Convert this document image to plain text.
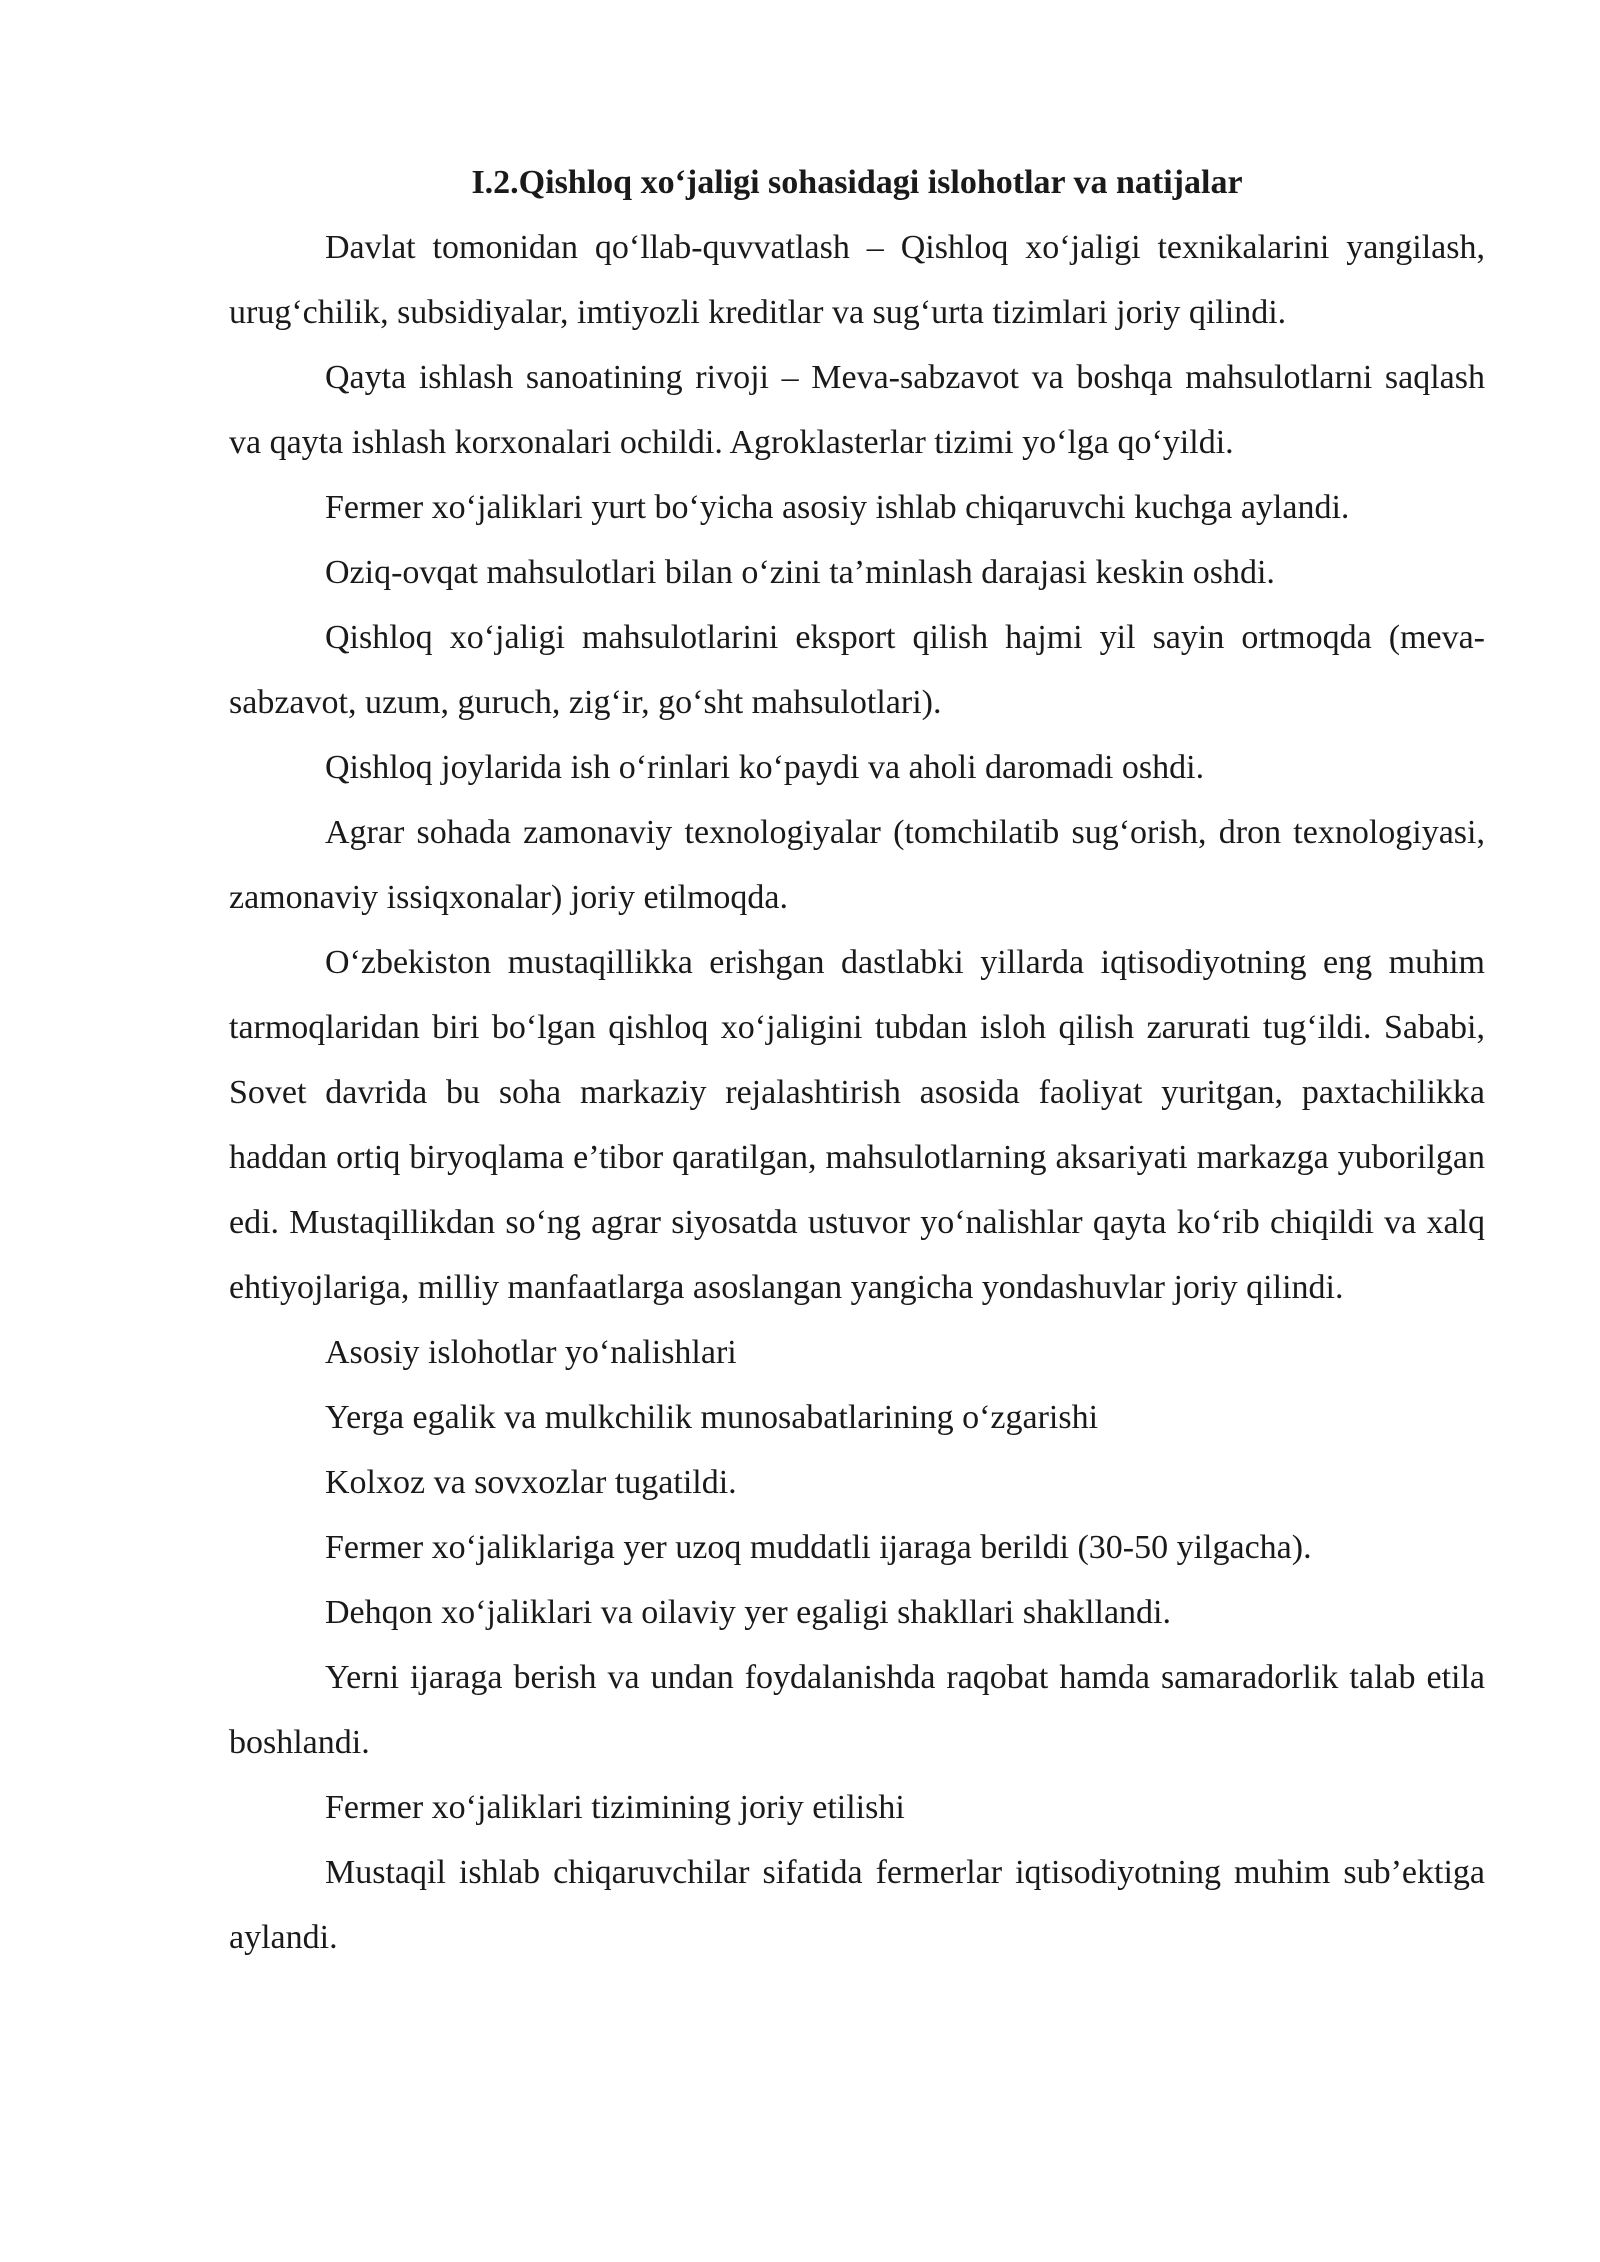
I.2.Qishloq xo‘jaligi sohasidagi islohotlar va natijalar

Davlat tomonidan qo‘llab-quvvatlash – Qishloq xo‘jaligi texnikalarini yangilash, urug‘chilik, subsidiyalar, imtiyozli kreditlar va sug‘urta tizimlari joriy qilindi.

Qayta ishlash sanoatining rivoji – Meva-sabzavot va boshqa mahsulotlarni saqlash va qayta ishlash korxonalari ochildi. Agroklasterlar tizimi yo‘lga qo‘yildi.

Fermer xo‘jaliklari yurt bo‘yicha asosiy ishlab chiqaruvchi kuchga aylandi.

Oziq-ovqat mahsulotlari bilan o‘zini ta’minlash darajasi keskin oshdi.

Qishloq xo‘jaligi mahsulotlarini eksport qilish hajmi yil sayin ortmoqda (meva-sabzavot, uzum, guruch, zig‘ir, go‘sht mahsulotlari).

Qishloq joylarida ish o‘rinlari ko‘paydi va aholi daromadi oshdi.

Agrar sohada zamonaviy texnologiyalar (tomchilatib sug‘orish, dron texnologiyasi, zamonaviy issiqxonalar) joriy etilmoqda.

O‘zbekiston mustaqillikka erishgan dastlabki yillarda iqtisodiyotning eng muhim tarmoqlaridan biri bo‘lgan qishloq xo‘jaligini tubdan isloh qilish zarurati tug‘ildi. Sababi, Sovet davrida bu soha markaziy rejalashtirish asosida faoliyat yuritgan, paxtachilikka haddan ortiq biryoqlama e’tibor qaratilgan, mahsulotlarning aksariyati markazga yuborilgan edi. Mustaqillikdan so‘ng agrar siyosatda ustuvor yo‘nalishlar qayta ko‘rib chiqildi va xalq ehtiyojlariga, milliy manfaatlarga asoslangan yangicha yondashuvlar joriy qilindi.

Asosiy islohotlar yo‘nalishlari

Yerga egalik va mulkchilik munosabatlarining o‘zgarishi

Kolxoz va sovxozlar tugatildi.

Fermer xo‘jaliklariga yer uzoq muddatli ijaraga berildi (30-50 yilgacha).

Dehqon xo‘jaliklari va oilaviy yer egaligi shakllari shakllandi.

Yerni ijaraga berish va undan foydalanishda raqobat hamda samaradorlik talab etila boshlandi.

Fermer xo‘jaliklari tizimining joriy etilishi

Mustaqil ishlab chiqaruvchilar sifatida fermerlar iqtisodiyotning muhim sub’ektiga aylandi.
